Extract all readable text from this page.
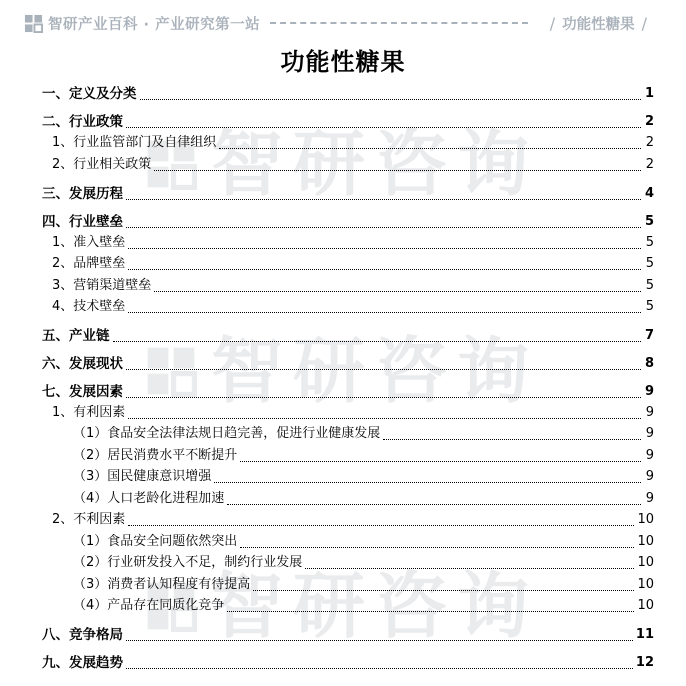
智研产业百科 · 产业研究第一站	/ 功能性糖果 /
智研咨询
智研咨询
智研咨询
功能性糖果
一、定义及分类	1
二、行业政策	2
1、行业监管部门及自律组织	2
2、行业相关政策	2
三、发展历程	4
四、行业壁垒	5
1、准入壁垒	5
2、品牌壁垒	5
3、营销渠道壁垒	5
4、技术壁垒	5
五、产业链	7
六、发展现状	8
七、发展因素	9
1、有利因素	9
（1）食品安全法律法规日趋完善，促进行业健康发展	9
（2）居民消费水平不断提升	9
（3）国民健康意识增强	9
（4）人口老龄化进程加速	9
2、不利因素	10
（1）食品安全问题依然突出	10
（2）行业研发投入不足，制约行业发展	10
（3）消费者认知程度有待提高	10
（4）产品存在同质化竞争	10
八、竞争格局	11
九、发展趋势	12
